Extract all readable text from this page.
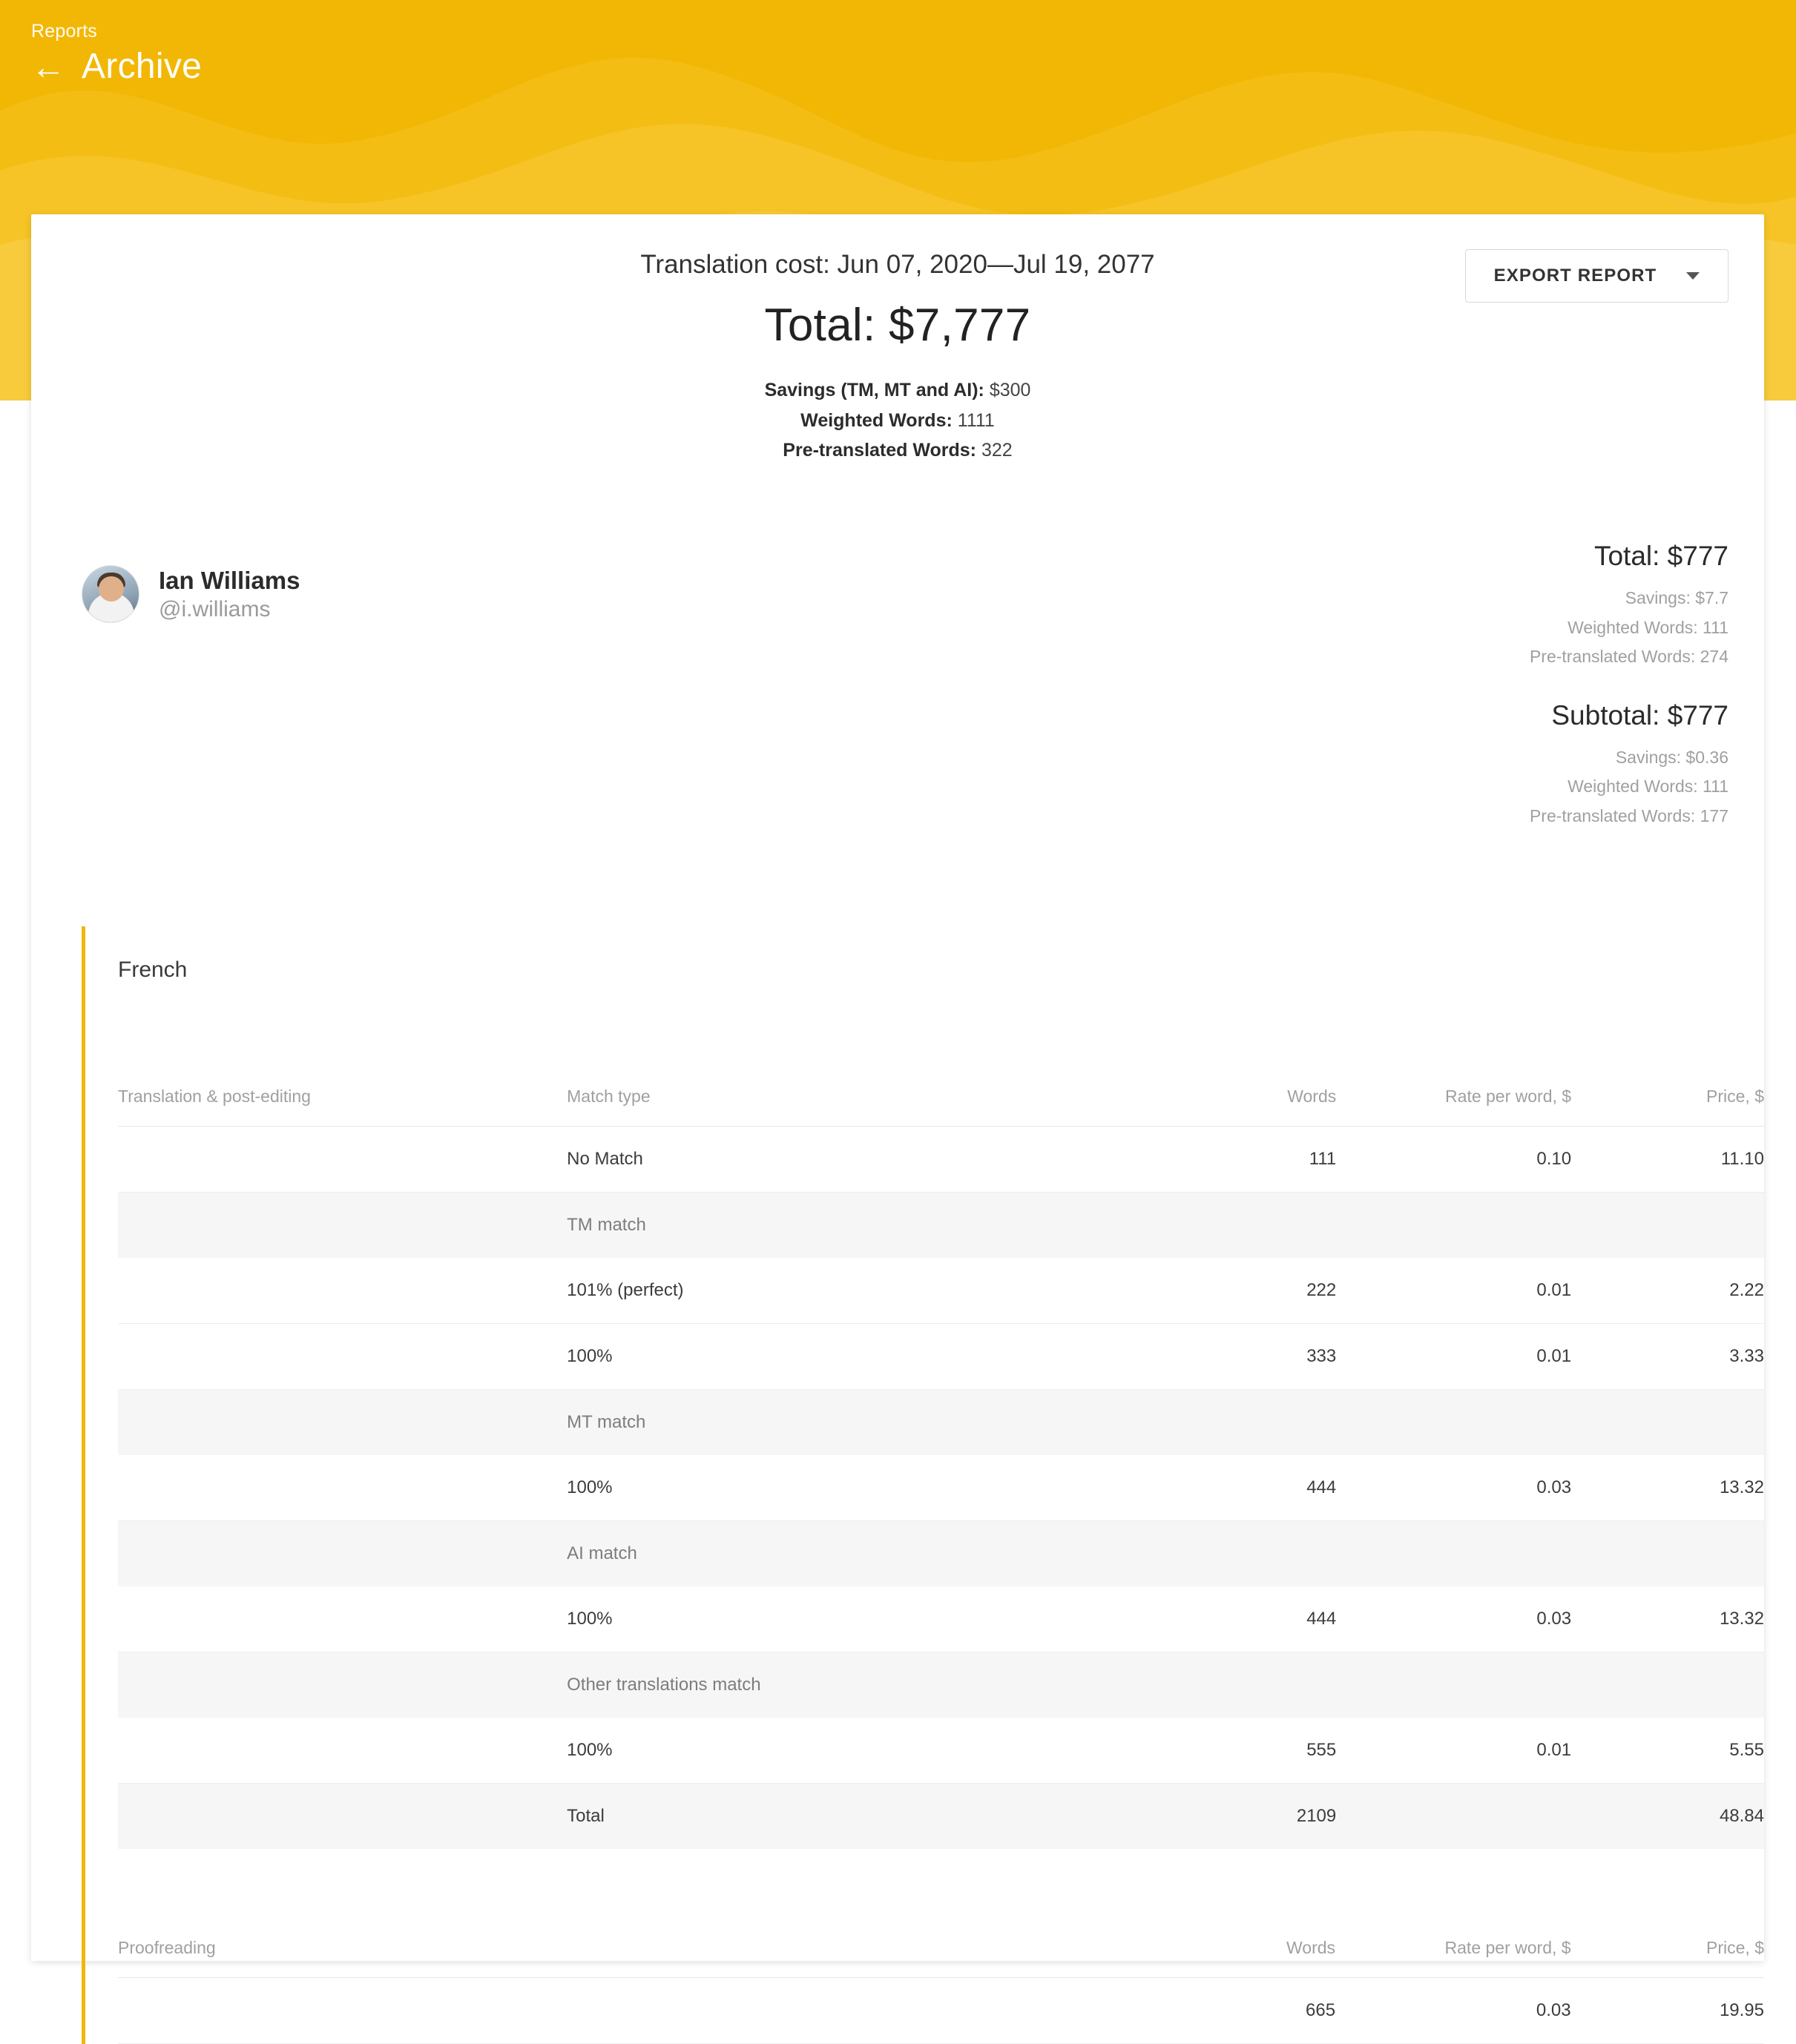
Reports
← Archive
EXPORT REPORT
Translation cost: Jun 07, 2020—Jul 19, 2077
Total: $7,777
Savings (TM, MT and AI): $300
Weighted Words: 1111
Pre-translated Words: 322
Ian Williams
@i.williams
Total: $777
Savings: $7.7
Weighted Words: 111
Pre-translated Words: 274
Subtotal: $777
Savings: $0.36
Weighted Words: 111
Pre-translated Words: 177
French
Translation & post-editing	Match type	Words	Rate per word, $	Price, $
	No Match	111	0.10	11.10
	TM match			
	101% (perfect)	222	0.01	2.22
	100%	333	0.01	3.33
	MT match			
	100%	444	0.03	13.32
	AI match			
	100%	444	0.03	13.32
	Other translations match			
	100%	555	0.01	5.55
	Total	2109		48.84
Proofreading		Words	Rate per word, $	Price, $
		665	0.03	19.95
